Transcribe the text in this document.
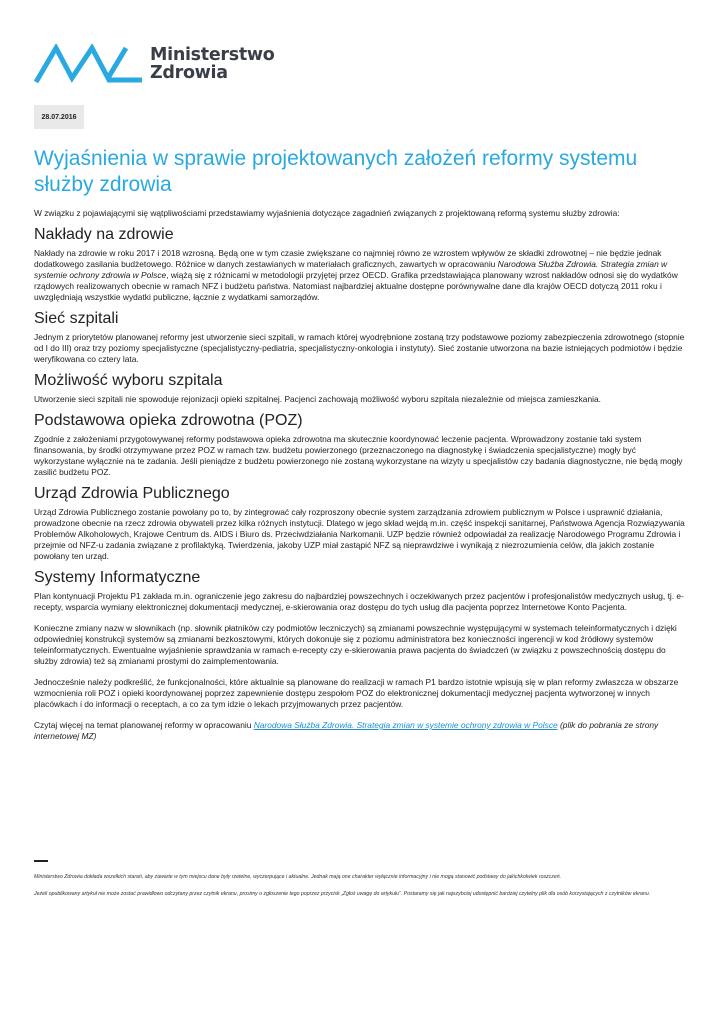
Ministerstwo
Zdrowia
28.07.2016
Wyjaśnienia w sprawie projektowanych założeń reformy systemu służby zdrowia

W związku z pojawiającymi się wątpliwościami przedstawiamy wyjaśnienia dotyczące zagadnień związanych z projektowaną reformą systemu służby zdrowia:

Nakłady na zdrowie

Nakłady na zdrowie w roku 2017 i 2018 wzrosną. Będą one w tym czasie zwiększane co najmniej równo ze wzrostem wpływów ze składki zdrowotnej – nie będzie jednak dodatkowego zasilania budżetowego. Różnice w danych zestawianych w materiałach graficznych, zawartych w opracowaniu Narodowa Służba Zdrowia. Strategia zmian w systemie ochrony zdrowia w Polsce, wiążą się z różnicami w metodologii przyjętej przez OECD. Grafika przedstawiająca planowany wzrost nakładów odnosi się do wydatków rządowych realizowanych obecnie w ramach NFZ i budżetu państwa. Natomiast najbardziej aktualne dostępne porównywalne dane dla krajów OECD dotyczą 2011 roku i uwzględniają wszystkie wydatki publiczne, łącznie z wydatkami samorządów.

Sieć szpitali

Jednym z priorytetów planowanej reformy jest utworzenie sieci szpitali, w ramach której wyodrębnione zostaną trzy podstawowe poziomy zabezpieczenia zdrowotnego (stopnie od I do III) oraz trzy poziomy specjalistyczne (specjalistyczny-pediatria, specjalistyczny-onkologia i instytuty). Sieć zostanie utworzona na bazie istniejących podmiotów i będzie weryfikowana co cztery lata.

Możliwość wyboru szpitala

Utworzenie sieci szpitali nie spowoduje rejonizacji opieki szpitalnej. Pacjenci zachowają możliwość wyboru szpitala niezależnie od miejsca zamieszkania.

Podstawowa opieka zdrowotna (POZ)

Zgodnie z założeniami przygotowywanej reformy podstawowa opieka zdrowotna ma skutecznie koordynować leczenie pacjenta. Wprowadzony zostanie taki system finansowania, by środki otrzymywane przez POZ w ramach tzw. budżetu powierzonego (przeznaczonego na diagnostykę i świadczenia specjalistyczne) mogły być wykorzystane wyłącznie na te zadania. Jeśli pieniądze z budżetu powierzonego nie zostaną wykorzystane na wizyty u specjalistów czy badania diagnostyczne, nie będą mogły zasilić budżetu POZ.

Urząd Zdrowia Publicznego

Urząd Zdrowia Publicznego zostanie powołany po to, by zintegrować cały rozproszony obecnie system zarządzania zdrowiem publicznym w Polsce i usprawnić działania, prowadzone obecnie na rzecz zdrowia obywateli przez kilka różnych instytucji. Dlatego w jego skład wejdą m.in. część inspekcji sanitarnej, Państwowa Agencja Rozwiązywania Problemów Alkoholowych, Krajowe Centrum ds. AIDS i Biuro ds. Przeciwdziałania Narkomanii. UZP będzie również odpowiadał za realizację Narodowego Programu Zdrowia i przejmie od NFZ-u zadania związane z profilaktyką. Twierdzenia, jakoby UZP miał zastąpić NFZ są nieprawdziwe i wynikają z niezrozumienia celów, dla jakich zostanie powołany ten urząd.

Systemy Informatyczne

Plan kontynuacji Projektu P1 zakłada m.in. ograniczenie jego zakresu do najbardziej powszechnych i oczekiwanych przez pacjentów i profesjonalistów medycznych usług, tj. e-recepty, wsparcia wymiany elektronicznej dokumentacji medycznej, e-skierowania oraz dostępu do tych usług dla pacjenta poprzez Internetowe Konto Pacjenta.

Konieczne zmiany nazw w słownikach (np. słownik płatników czy podmiotów leczniczych) są zmianami powszechnie występującymi w systemach teleinformatycznych i dzięki odpowiedniej konstrukcji systemów są zmianami bezkosztowymi, których dokonuje się z poziomu administratora bez konieczności ingerencji w kod źródłowy systemów teleinformatycznych. Ewentualne wyjaśnienie sprawdzania w ramach e-recepty czy e-skierowania prawa pacjenta do świadczeń (w związku z powszechnością dostępu do służby zdrowia) też są zmianami prostymi do zaimplementowania.

Jednocześnie należy podkreślić, że funkcjonalności, które aktualnie są planowane do realizacji w ramach P1 bardzo istotnie wpisują się w plan reformy zwłaszcza w obszarze wzmocnienia roli POZ i opieki koordynowanej poprzez zapewnienie dostępu zespołom POZ do elektronicznej dokumentacji medycznej pacjenta wytworzonej w innych placówkach i do informacji o receptach, a co za tym idzie o lekach przyjmowanych przez pacjentów.

Czytaj więcej na temat planowanej reformy w opracowaniu Narodowa Służba Zdrowia. Strategia zmian w systemie ochrony zdrowia w Polsce (plik do pobrania ze strony internetowej MZ)

Ministerstwo Zdrowia dokłada wszelkich starań, aby zawarte w tym miejscu dane były rzetelne, wyczerpujące i aktualne. Jednak mają one charakter wyłącznie informacyjny i nie mogą stanowić podstawy do jakichkolwiek roszczeń.
Jeżeli opublikowany artykuł nie może zostać prawidłowo odczytany przez czytnik ekranu, prosimy o zgłoszenie tego poprzez przycisk „Zgłoś uwagę do artykułu”. Postaramy się jak najszybciej udostępnić bardziej czytelny plik dla osób korzystających z czytników ekranu.
